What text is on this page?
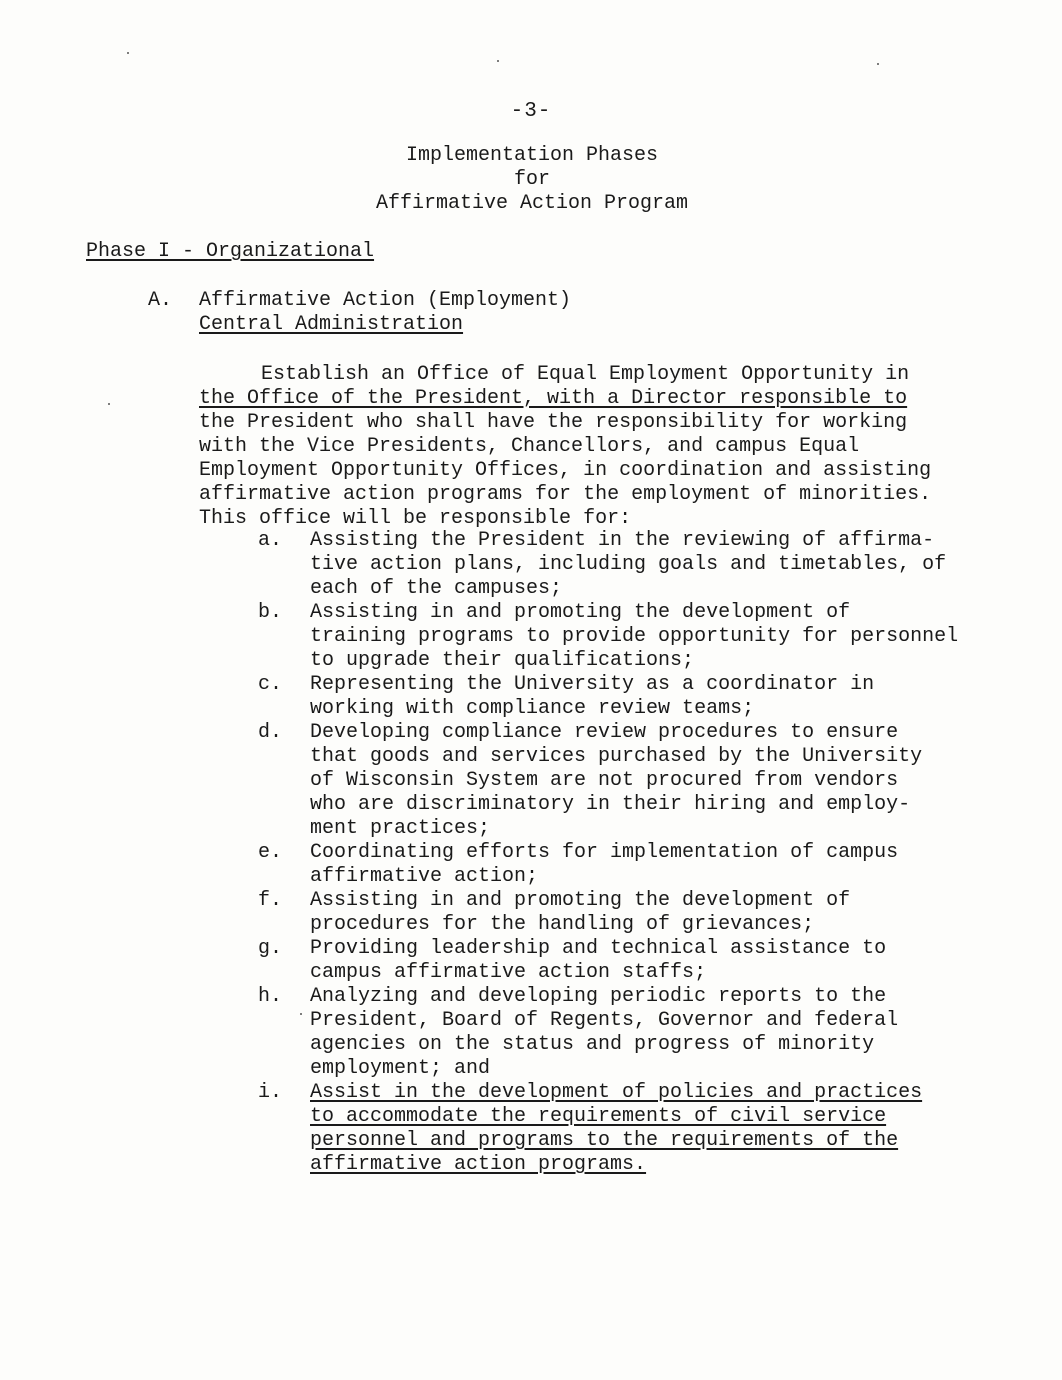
-3-
Implementation Phases
for
Affirmative Action Program
Phase I - Organizational
A. Affirmative Action (Employment)
Central Administration
Establish an Office of Equal Employment Opportunity in
the Office of the President, with a Director responsible to
the President who shall have the responsibility for working
with the Vice Presidents, Chancellors, and campus Equal
Employment Opportunity Offices, in coordination and assisting
affirmative action programs for the employment of minorities.
This office will be responsible for:
a.	Assisting the President in the reviewing of affirma-
tive action plans, including goals and timetables, of
each of the campuses;
b.	Assisting in and promoting the development of
training programs to provide opportunity for personnel
to upgrade their qualifications;
c.	Representing the University as a coordinator in
working with compliance review teams;
d.	Developing compliance review procedures to ensure
that goods and services purchased by the University
of Wisconsin System are not procured from vendors
who are discriminatory in their hiring and employ-
ment practices;
e.	Coordinating efforts for implementation of campus
affirmative action;
f.	Assisting in and promoting the development of
procedures for the handling of grievances;
g.	Providing leadership and technical assistance to
campus affirmative action staffs;
h.	Analyzing and developing periodic reports to the
President, Board of Regents, Governor and federal
agencies on the status and progress of minority
employment; and
i.	Assist in the development of policies and practices
to accommodate the requirements of civil service
personnel and programs to the requirements of the
affirmative action programs.
